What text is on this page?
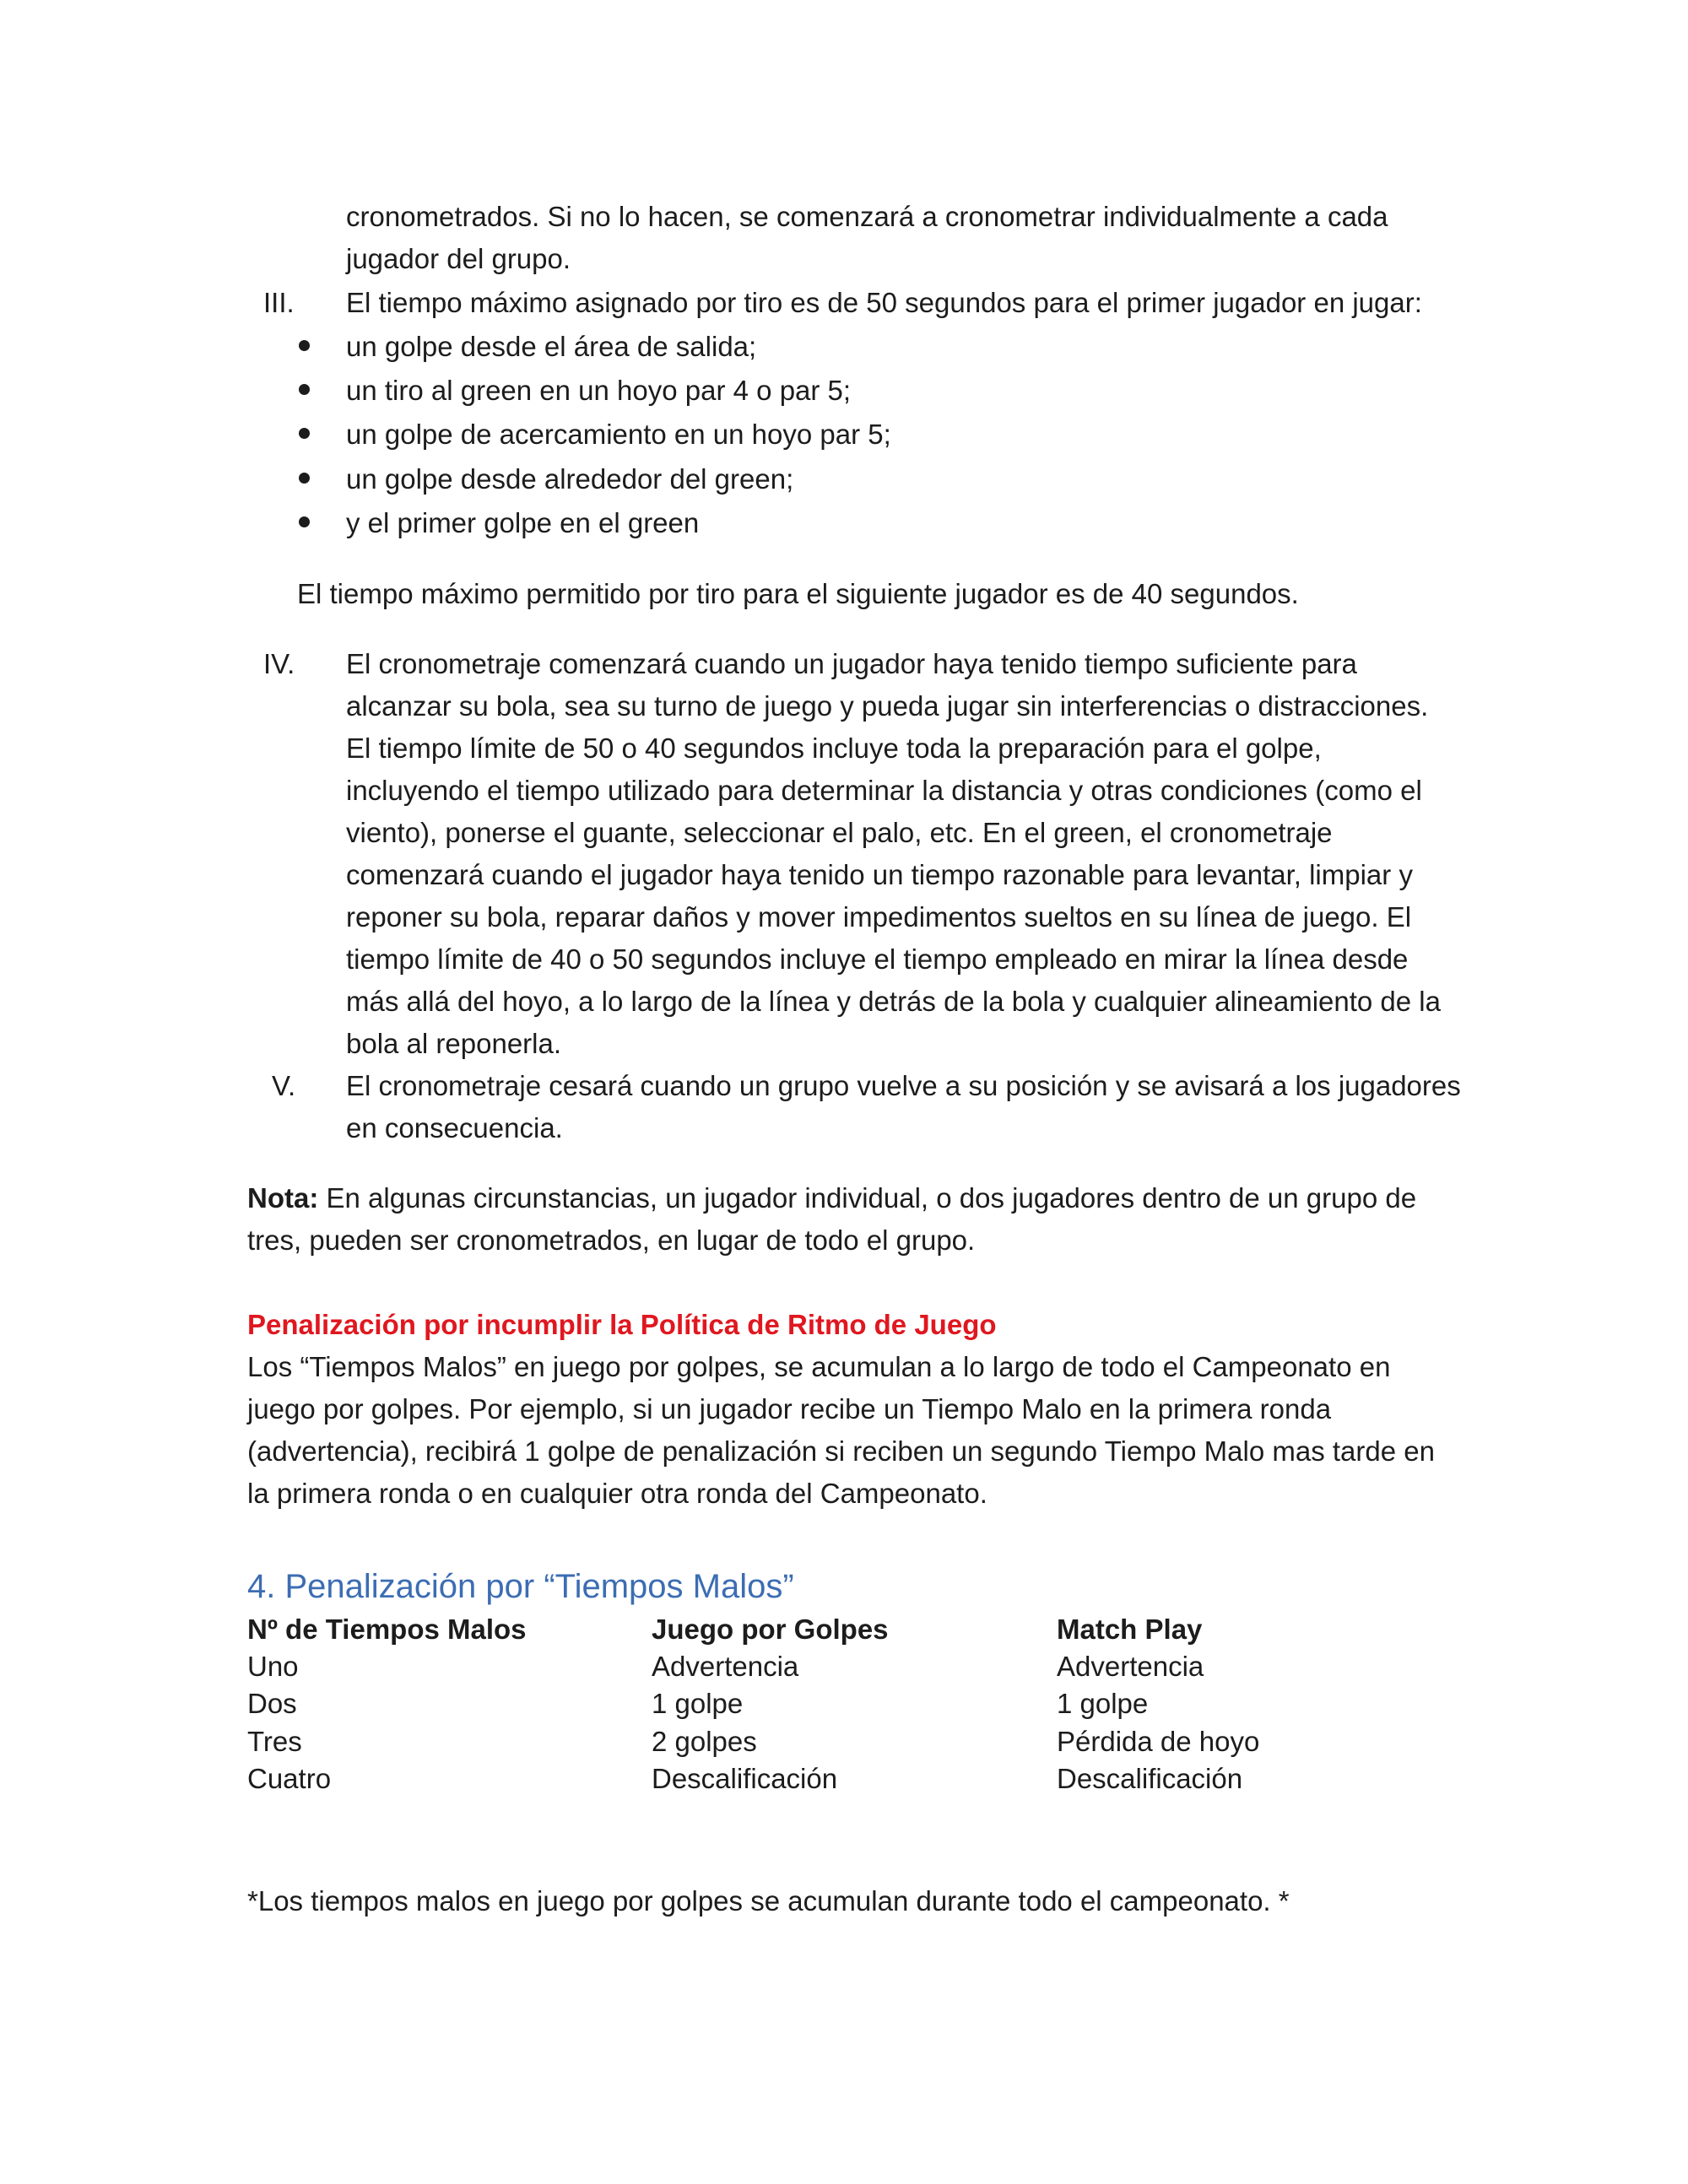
cronometrados. Si no lo hacen, se comenzará a cronometrar individualmente a cada
jugador del grupo.
III. El tiempo máximo asignado por tiro es de 50 segundos para el primer jugador en jugar:
un golpe desde el área de salida;
un tiro al green en un hoyo par 4 o par 5;
un golpe de acercamiento en un hoyo par 5;
un golpe desde alrededor del green;
y el primer golpe en el green
El tiempo máximo permitido por tiro para el siguiente jugador es de 40 segundos.
IV. El cronometraje comenzará cuando un jugador haya tenido tiempo suficiente para
alcanzar su bola, sea su turno de juego y pueda jugar sin interferencias o distracciones.
El tiempo límite de 50 o 40 segundos incluye toda la preparación para el golpe,
incluyendo el tiempo utilizado para determinar la distancia y otras condiciones (como el
viento), ponerse el guante, seleccionar el palo, etc. En el green, el cronometraje
comenzará cuando el jugador haya tenido un tiempo razonable para levantar, limpiar y
reponer su bola, reparar daños y mover impedimentos sueltos en su línea de juego. El
tiempo límite de 40 o 50 segundos incluye el tiempo empleado en mirar la línea desde
más allá del hoyo, a lo largo de la línea y detrás de la bola y cualquier alineamiento de la
bola al reponerla.
V. El cronometraje cesará cuando un grupo vuelve a su posición y se avisará a los jugadores
en consecuencia.
Nota: En algunas circunstancias, un jugador individual, o dos jugadores dentro de un grupo de
tres, pueden ser cronometrados, en lugar de todo el grupo.
Penalización por incumplir la Política de Ritmo de Juego
Los “Tiempos Malos” en juego por golpes, se acumulan a lo largo de todo el Campeonato en
juego por golpes. Por ejemplo, si un jugador recibe un Tiempo Malo en la primera ronda
(advertencia), recibirá 1 golpe de penalización si reciben un segundo Tiempo Malo mas tarde en
la primera ronda o en cualquier otra ronda del Campeonato.
4. Penalización por “Tiempos Malos”
Nº de Tiempos Malos	Juego por Golpes	Match Play
Uno	Advertencia	Advertencia
Dos	1 golpe	1 golpe
Tres	2 golpes	Pérdida de hoyo
Cuatro	Descalificación	Descalificación
*Los tiempos malos en juego por golpes se acumulan durante todo el campeonato. *
